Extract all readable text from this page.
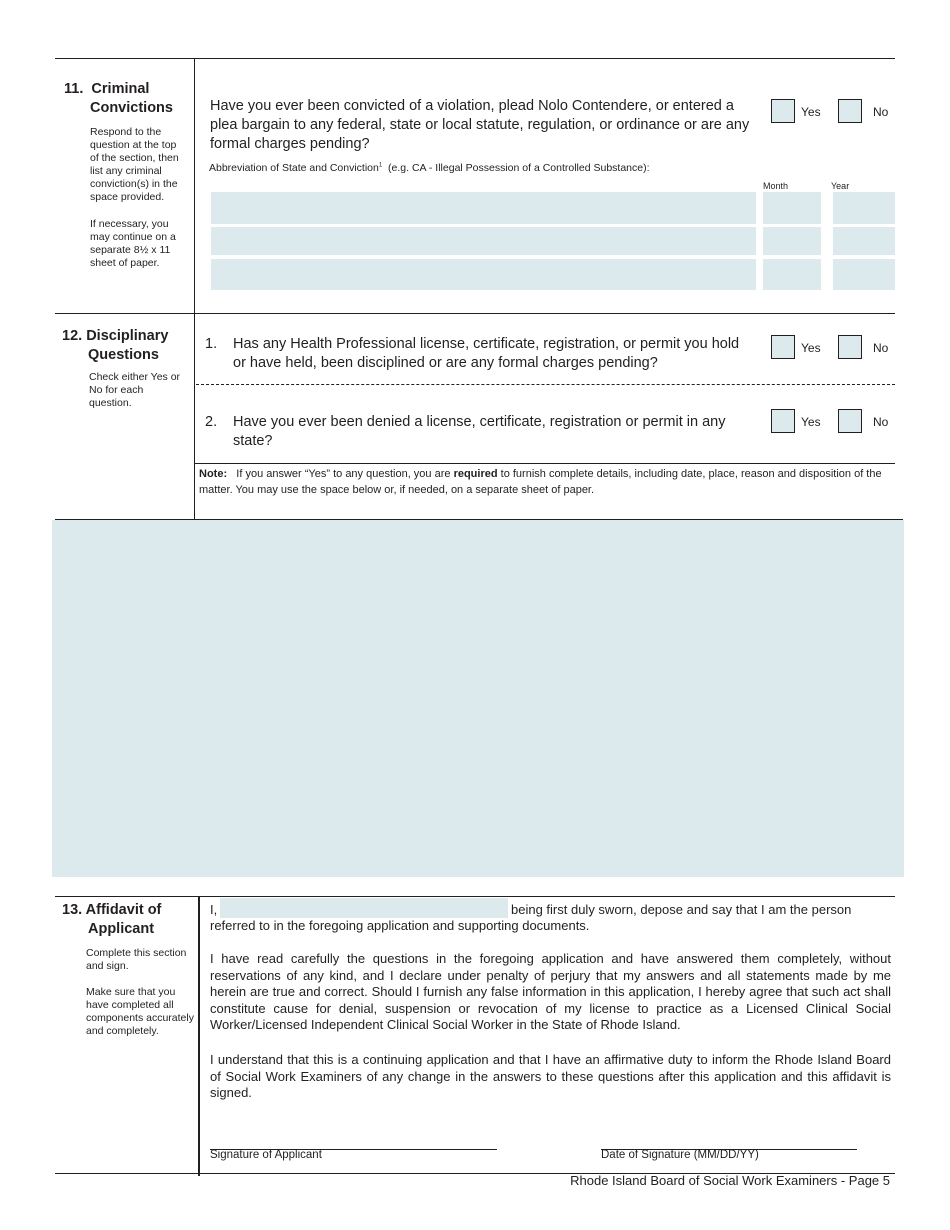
11. Criminal
Convictions
Respond to the question at the top of the section, then list any criminal conviction(s) in the space provided.
If necessary, you may continue on a separate 8½ x 11 sheet of paper.
Have you ever been convicted of a violation, plead Nolo Contendere, or entered a plea bargain to any federal, state or local statute, regulation, or ordinance or are any formal charges pending?
Yes	No
Abbreviation of State and Conviction$^1$ (e.g. CA - Illegal Possession of a Controlled Substance):
Month	Year
12. Disciplinary
Questions
Check either Yes or No for each question.
1. Has any Health Professional license, certificate, registration, or permit you hold or have held, been disciplined or are any formal charges pending?
Yes	No
2. Have you ever been denied a license, certificate, registration or permit in any state?
Yes	No
Note: If you answer “Yes” to any question, you are required to furnish complete details, including date, place, reason and disposition of the matter. You may use the space below or, if needed, on a separate sheet of paper.
13. Affidavit of
Applicant
Complete this section and sign.
Make sure that you have completed all components accurately and completely.
I,	being first duly sworn, depose and say that I am the person
referred to in the foregoing application and supporting documents.
I have read carefully the questions in the foregoing application and have answered them completely, without reservations of any kind, and I declare under penalty of perjury that my answers and all statements made by me herein are true and correct. Should I furnish any false information in this application, I hereby agree that such act shall constitute cause for denial, suspension or revocation of my license to practice as a Licensed Clinical Social Worker/Licensed Independent Clinical Social Worker in the State of Rhode Island.
I understand that this is a continuing application and that I have an affirmative duty to inform the Rhode Island Board of Social Work Examiners of any change in the answers to these questions after this application and this affidavit is signed.
Signature of Applicant	Date of Signature (MM/DD/YY)
Rhode Island Board of Social Work Examiners - Page 5
